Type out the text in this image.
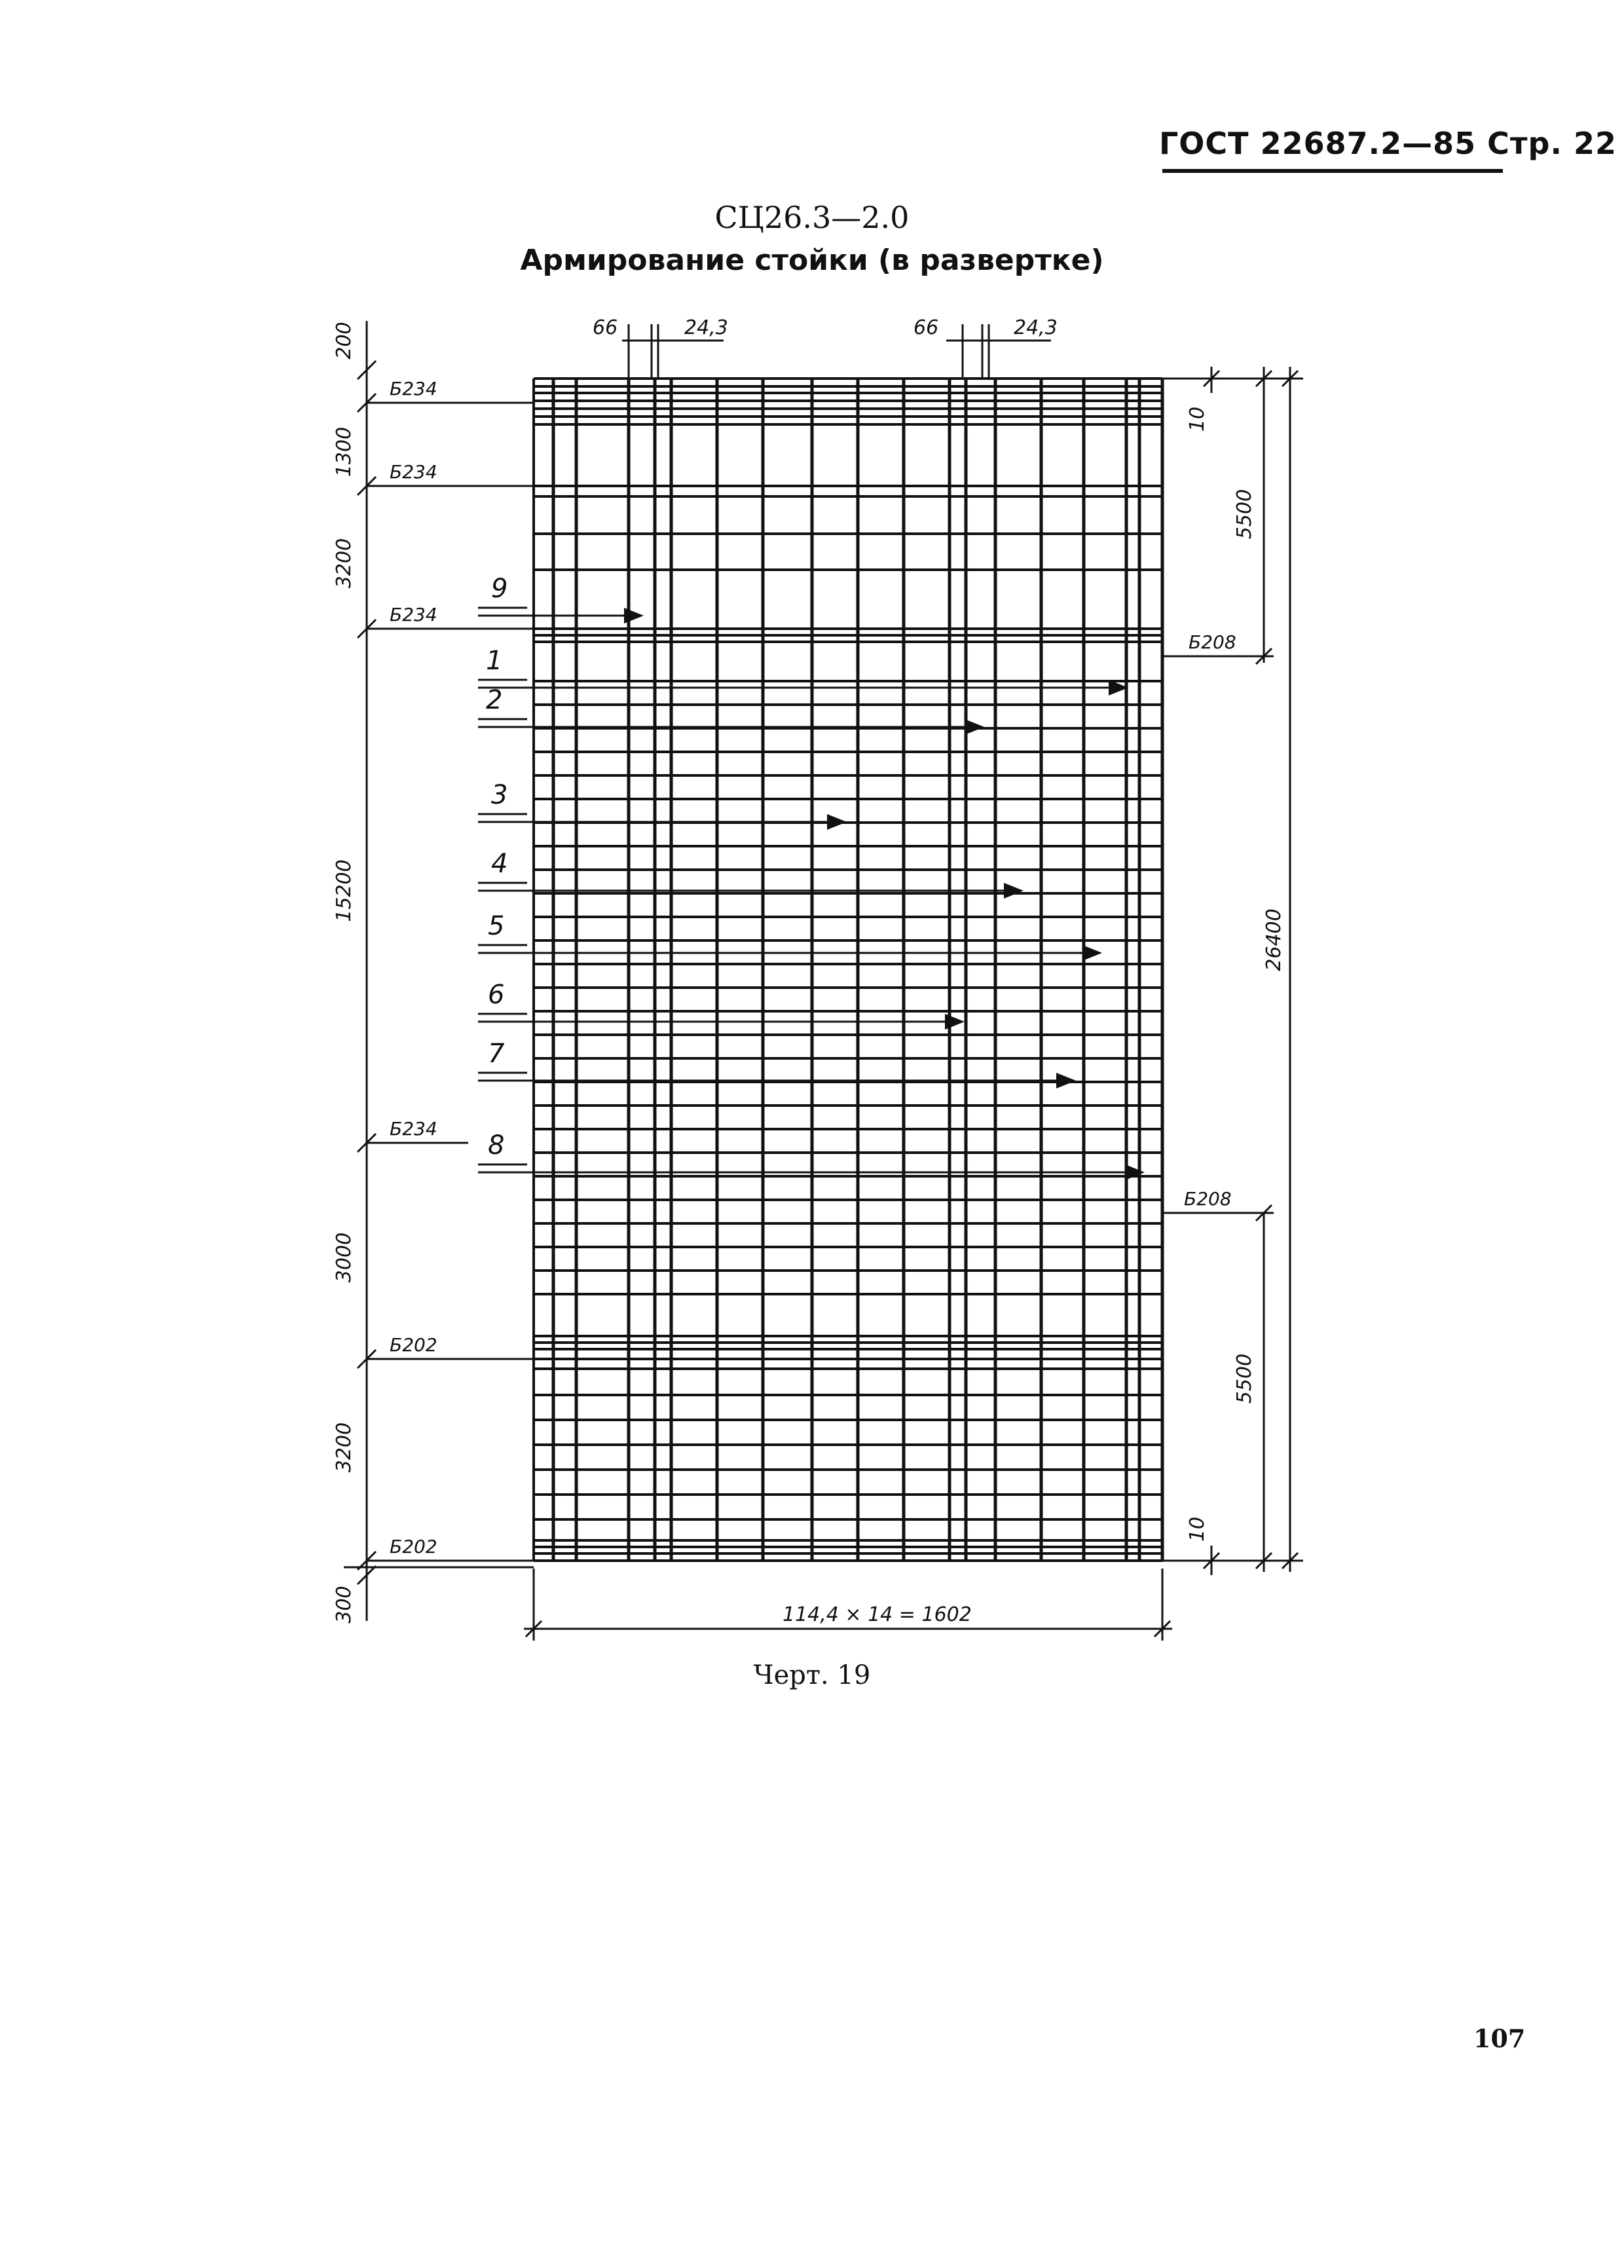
ГОСТ 22687.2—85 Стр. 22
СЦ26.3—2.0
Армирование стойки (в развертке)
200
1300
3200
15200
3000
3200
300
Б234
Б234
Б234
Б234
Б202
Б202
66	24,3	66	24,3
Б208
Б208
10
5500
5500
10
26400
114,4 × 14 = 1602
9
1
2
3
4
5
6
7
8
Черт. 19
107
